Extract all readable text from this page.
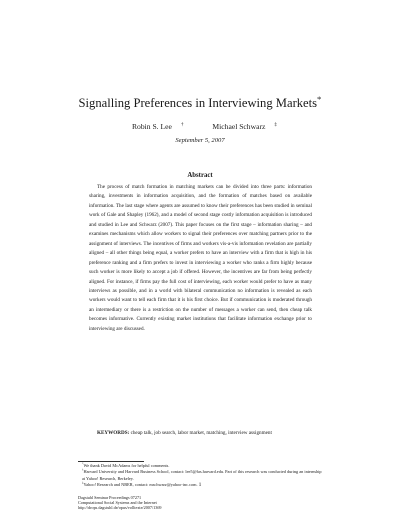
Signalling Preferences in Interviewing Markets*
Robin S. Lee †	Michael Schwarz ‡
September 5, 2007
Abstract

The process of match formation in matching markets can be divided into three parts: information sharing, investments in information acquisition, and the formation of matches based on available information. The last stage where agents are assumed to know their preferences has been studied in seminal work of Gale and Shapley (1962), and a model of second stage costly information acquisition is introduced and studied in Lee and Schwarz (2007). This paper focuses on the first stage – information sharing – and examines mechanisms which allow workers to signal their preferences over matching partners prior to the assignment of interviews. The incentives of firms and workers vis-a-vis information revelation are partially aligned – all other things being equal, a worker prefers to have an interview with a firm that is high in his preference ranking and a firm prefers to invest in interviewing a worker who ranks a firm highly because such worker is more likely to accept a job if offered. However, the incentives are far from being perfectly aligned. For instance, if firms pay the full cost of interviewing, each worker would prefer to have as many interviews as possible, and in a world with bilateral communication no information is revealed as each workers would want to tell each firm that it is his first choice. But if communication is moderated through an intermediary or there is a restriction on the number of messages a worker can send, then cheap talk becomes informative. Currently existing market institutions that facilitate information exchange prior to interviewing are discussed.

KEYWORDS: cheap talk, job search, labor market, matching, interview assignment

*We thank David McAdams for helpful comments.

†Harvard University and Harvard Business School, contact: lee5@fas.harvard.edu. Part of this research was conducted during an internship at Yahoo! Research, Berkeley.

‡Yahoo! Research and NBER, contact: mschwarz@yahoo-inc.com. 1
Dagstuhl Seminar Proceedings 07271
Computational Social Systems and the Internet
http://drops.dagstuhl.de/opus/volltexte/2007/1369
